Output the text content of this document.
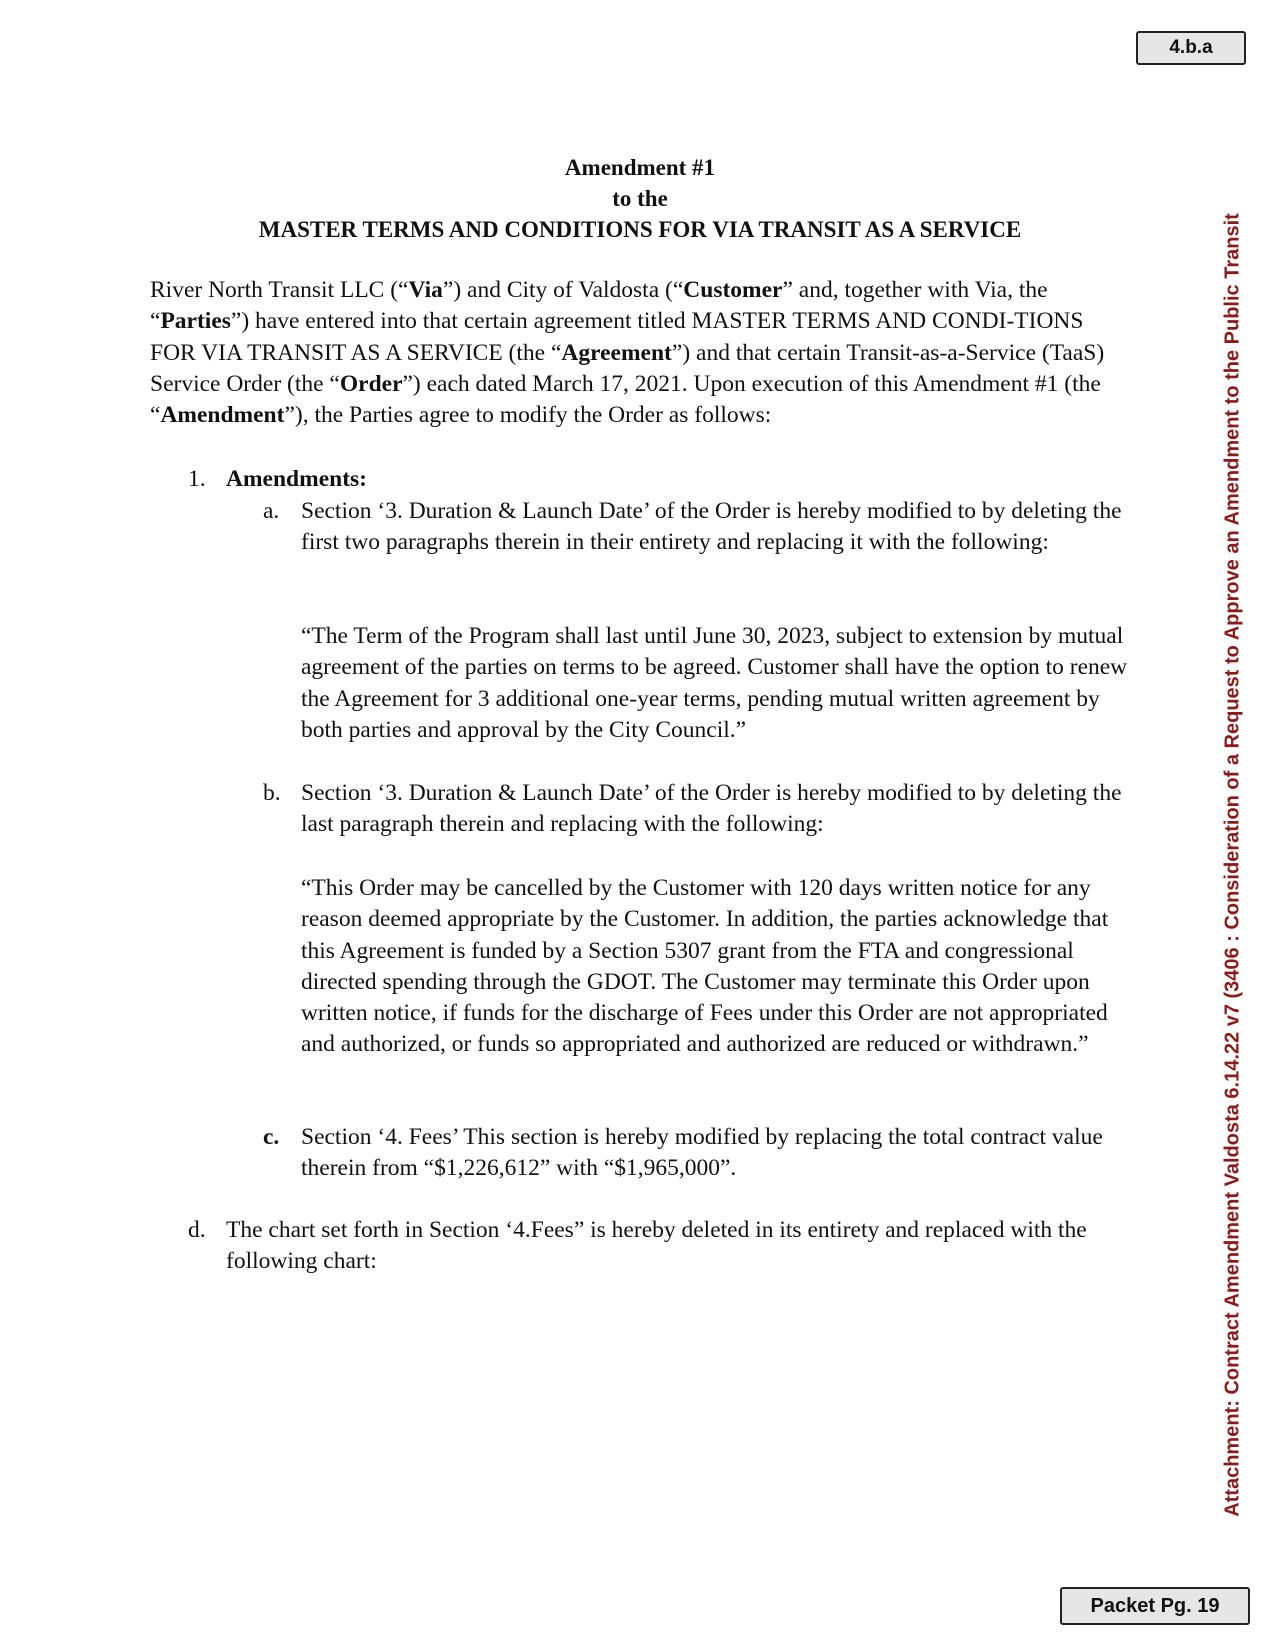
4.b.a
Attachment: Contract Amendment Valdosta 6.14.22 v7 (3406 : Consideration of a Request to Approve an Amendment to the Public Transit
Amendment #1
to the
MASTER TERMS AND CONDITIONS FOR VIA TRANSIT AS A SERVICE
River North Transit LLC (“Via”) and City of Valdosta (“Customer” and, together with Via, the “Parties”) have entered into that certain agreement titled MASTER TERMS AND CONDI-TIONS FOR VIA TRANSIT AS A SERVICE (the “Agreement”) and that certain Transit-as-a-Service (TaaS) Service Order (the “Order”) each dated March 17, 2021. Upon execution of this Amendment #1 (the “Amendment”), the Parties agree to modify the Order as follows:
1. Amendments:
a. Section ‘3. Duration & Launch Date’ of the Order is hereby modified to by deleting the first two paragraphs therein in their entirety and replacing it with the following:
“The Term of the Program shall last until June 30, 2023, subject to extension by mutual agreement of the parties on terms to be agreed. Customer shall have the option to renew the Agreement for 3 additional one-year terms, pending mutual written agreement by both parties and approval by the City Council.”
b. Section ‘3. Duration & Launch Date’ of the Order is hereby modified to by deleting the last paragraph therein and replacing with the following:
“This Order may be cancelled by the Customer with 120 days written notice for any reason deemed appropriate by the Customer. In addition, the parties acknowledge that this Agreement is funded by a Section 5307 grant from the FTA and congressional directed spending through the GDOT. The Customer may terminate this Order upon written notice, if funds for the discharge of Fees under this Order are not appropriated and authorized, or funds so appropriated and authorized are reduced or withdrawn.”
c. Section ‘4. Fees’ This section is hereby modified by replacing the total contract value therein from “$1,226,612” with “$1,965,000”.
d. The chart set forth in Section ‘4.Fees” is hereby deleted in its entirety and replaced with the following chart:
Packet Pg. 19
